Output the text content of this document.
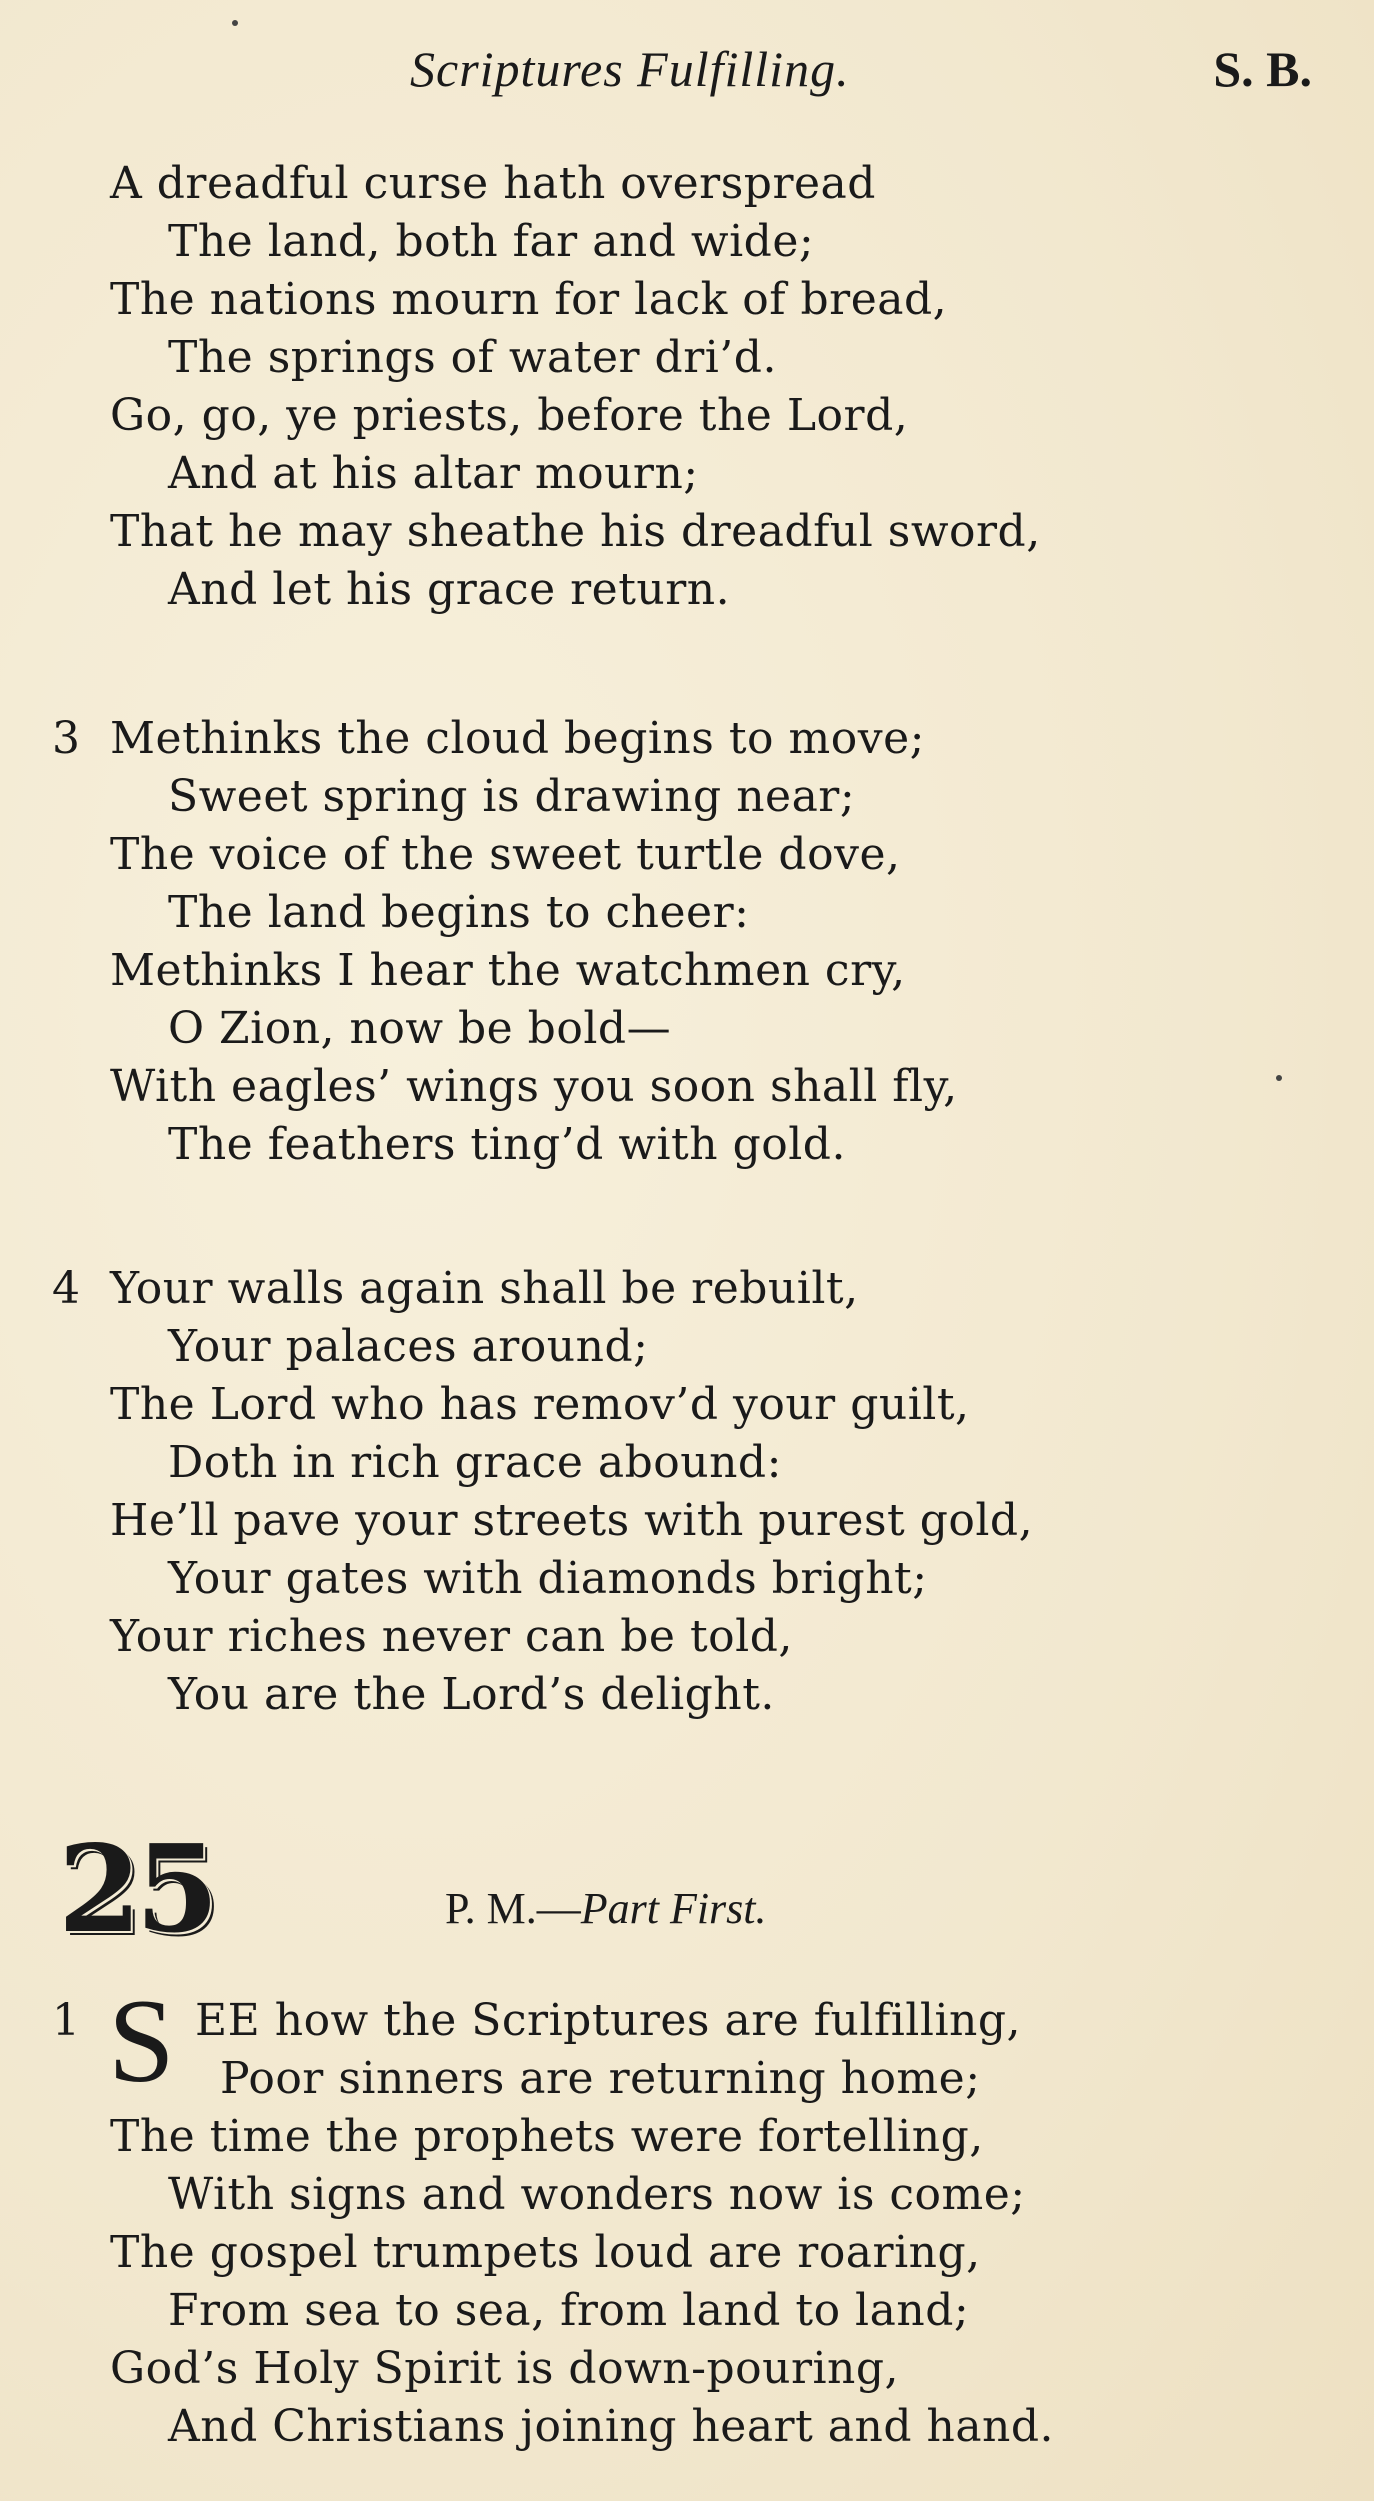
Scriptures Fulfilling.	S. B.
A dreadful curse hath overspread
The land, both far and wide;
The nations mourn for lack of bread,
The springs of water dri’d.
Go, go, ye priests, before the Lord,
And at his altar mourn;
That he may sheathe his dreadful sword,
And let his grace return.
3 Methinks the cloud begins to move;
Sweet spring is drawing near;
The voice of the sweet turtle dove,
The land begins to cheer:
Methinks I hear the watchmen cry,
O Zion, now be bold—
With eagles’ wings you soon shall fly,
The feathers ting’d with gold.
4 Your walls again shall be rebuilt,
Your palaces around;
The Lord who has remov’d your guilt,
Doth in rich grace abound:
He’ll pave your streets with purest gold,
Your gates with diamonds bright;
Your riches never can be told,
You are the Lord’s delight.
25	P. M.—Part First.
1	EE how the Scriptures are fulfilling,
Poor sinners are returning home;
The time the prophets were fortelling,
With signs and wonders now is come;
The gospel trumpets loud are roaring,
From sea to sea, from land to land;
God’s Holy Spirit is down-pouring,
And Christians joining heart and hand.
S
